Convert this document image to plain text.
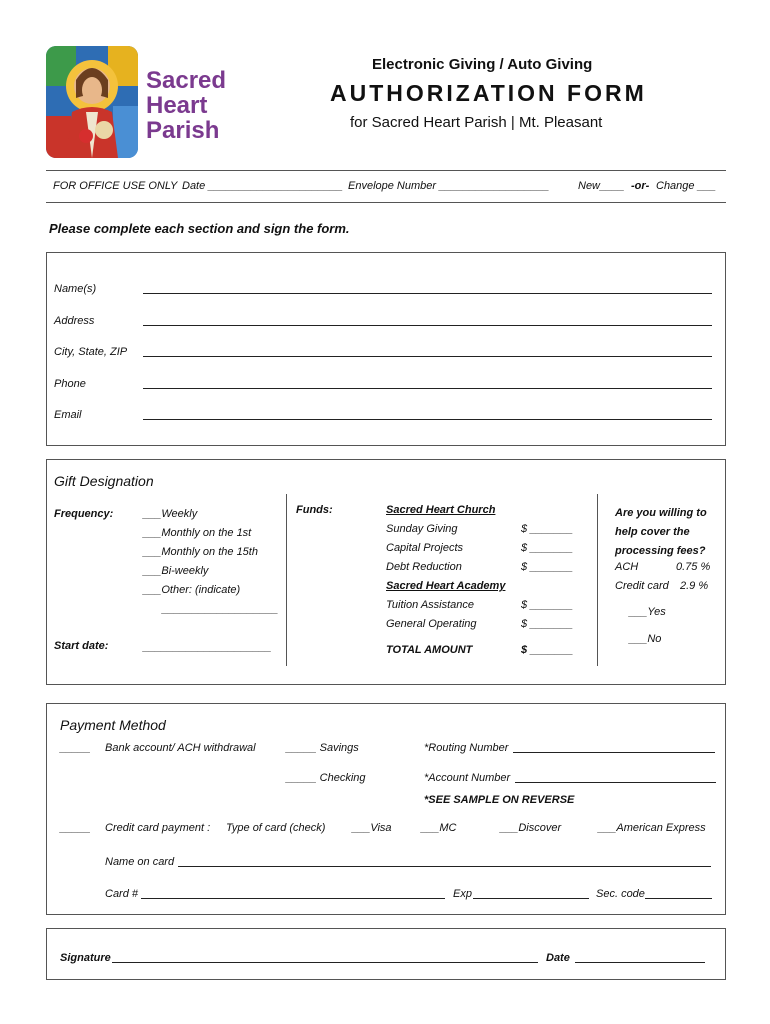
Sacred
Heart
Parish
Electronic Giving / Auto Giving
AUTHORIZATION FORM
for Sacred Heart Parish | Mt. Pleasant
FOR OFFICE USE ONLY Date ______________________ Envelope Number __________________	New____ -or- Change ___
Please complete each section and sign the form.
Name(s)
Address
City, State, ZIP
Phone
Email
Gift Designation
Frequency:	___Weekly
___Monthly on the 1st
___Monthly on the 15th
___Bi-weekly
___Other: (indicate)
___________________
Start date:	_____________________
Funds:	Sacred Heart Church
Sunday Giving	$ _______
Capital Projects	$ _______
Debt Reduction	$ _______
Sacred Heart Academy
Tuition Assistance	$ _______
General Operating	$ _______
TOTAL AMOUNT	$ _______
Are you willing to
help cover the
processing fees?
ACH	0.75 %
Credit card 2.9 %
___Yes
___No
Payment Method
_____ Bank account/ ACH withdrawal	_____ Savings
_____ Checking
*Routing Number
*Account Number
*SEE SAMPLE ON REVERSE
_____ Credit card payment : Type of card (check) ___Visa	___MC	___Discover	___American Express
Name on card
Card #	Exp	Sec. code
Signature	Date
